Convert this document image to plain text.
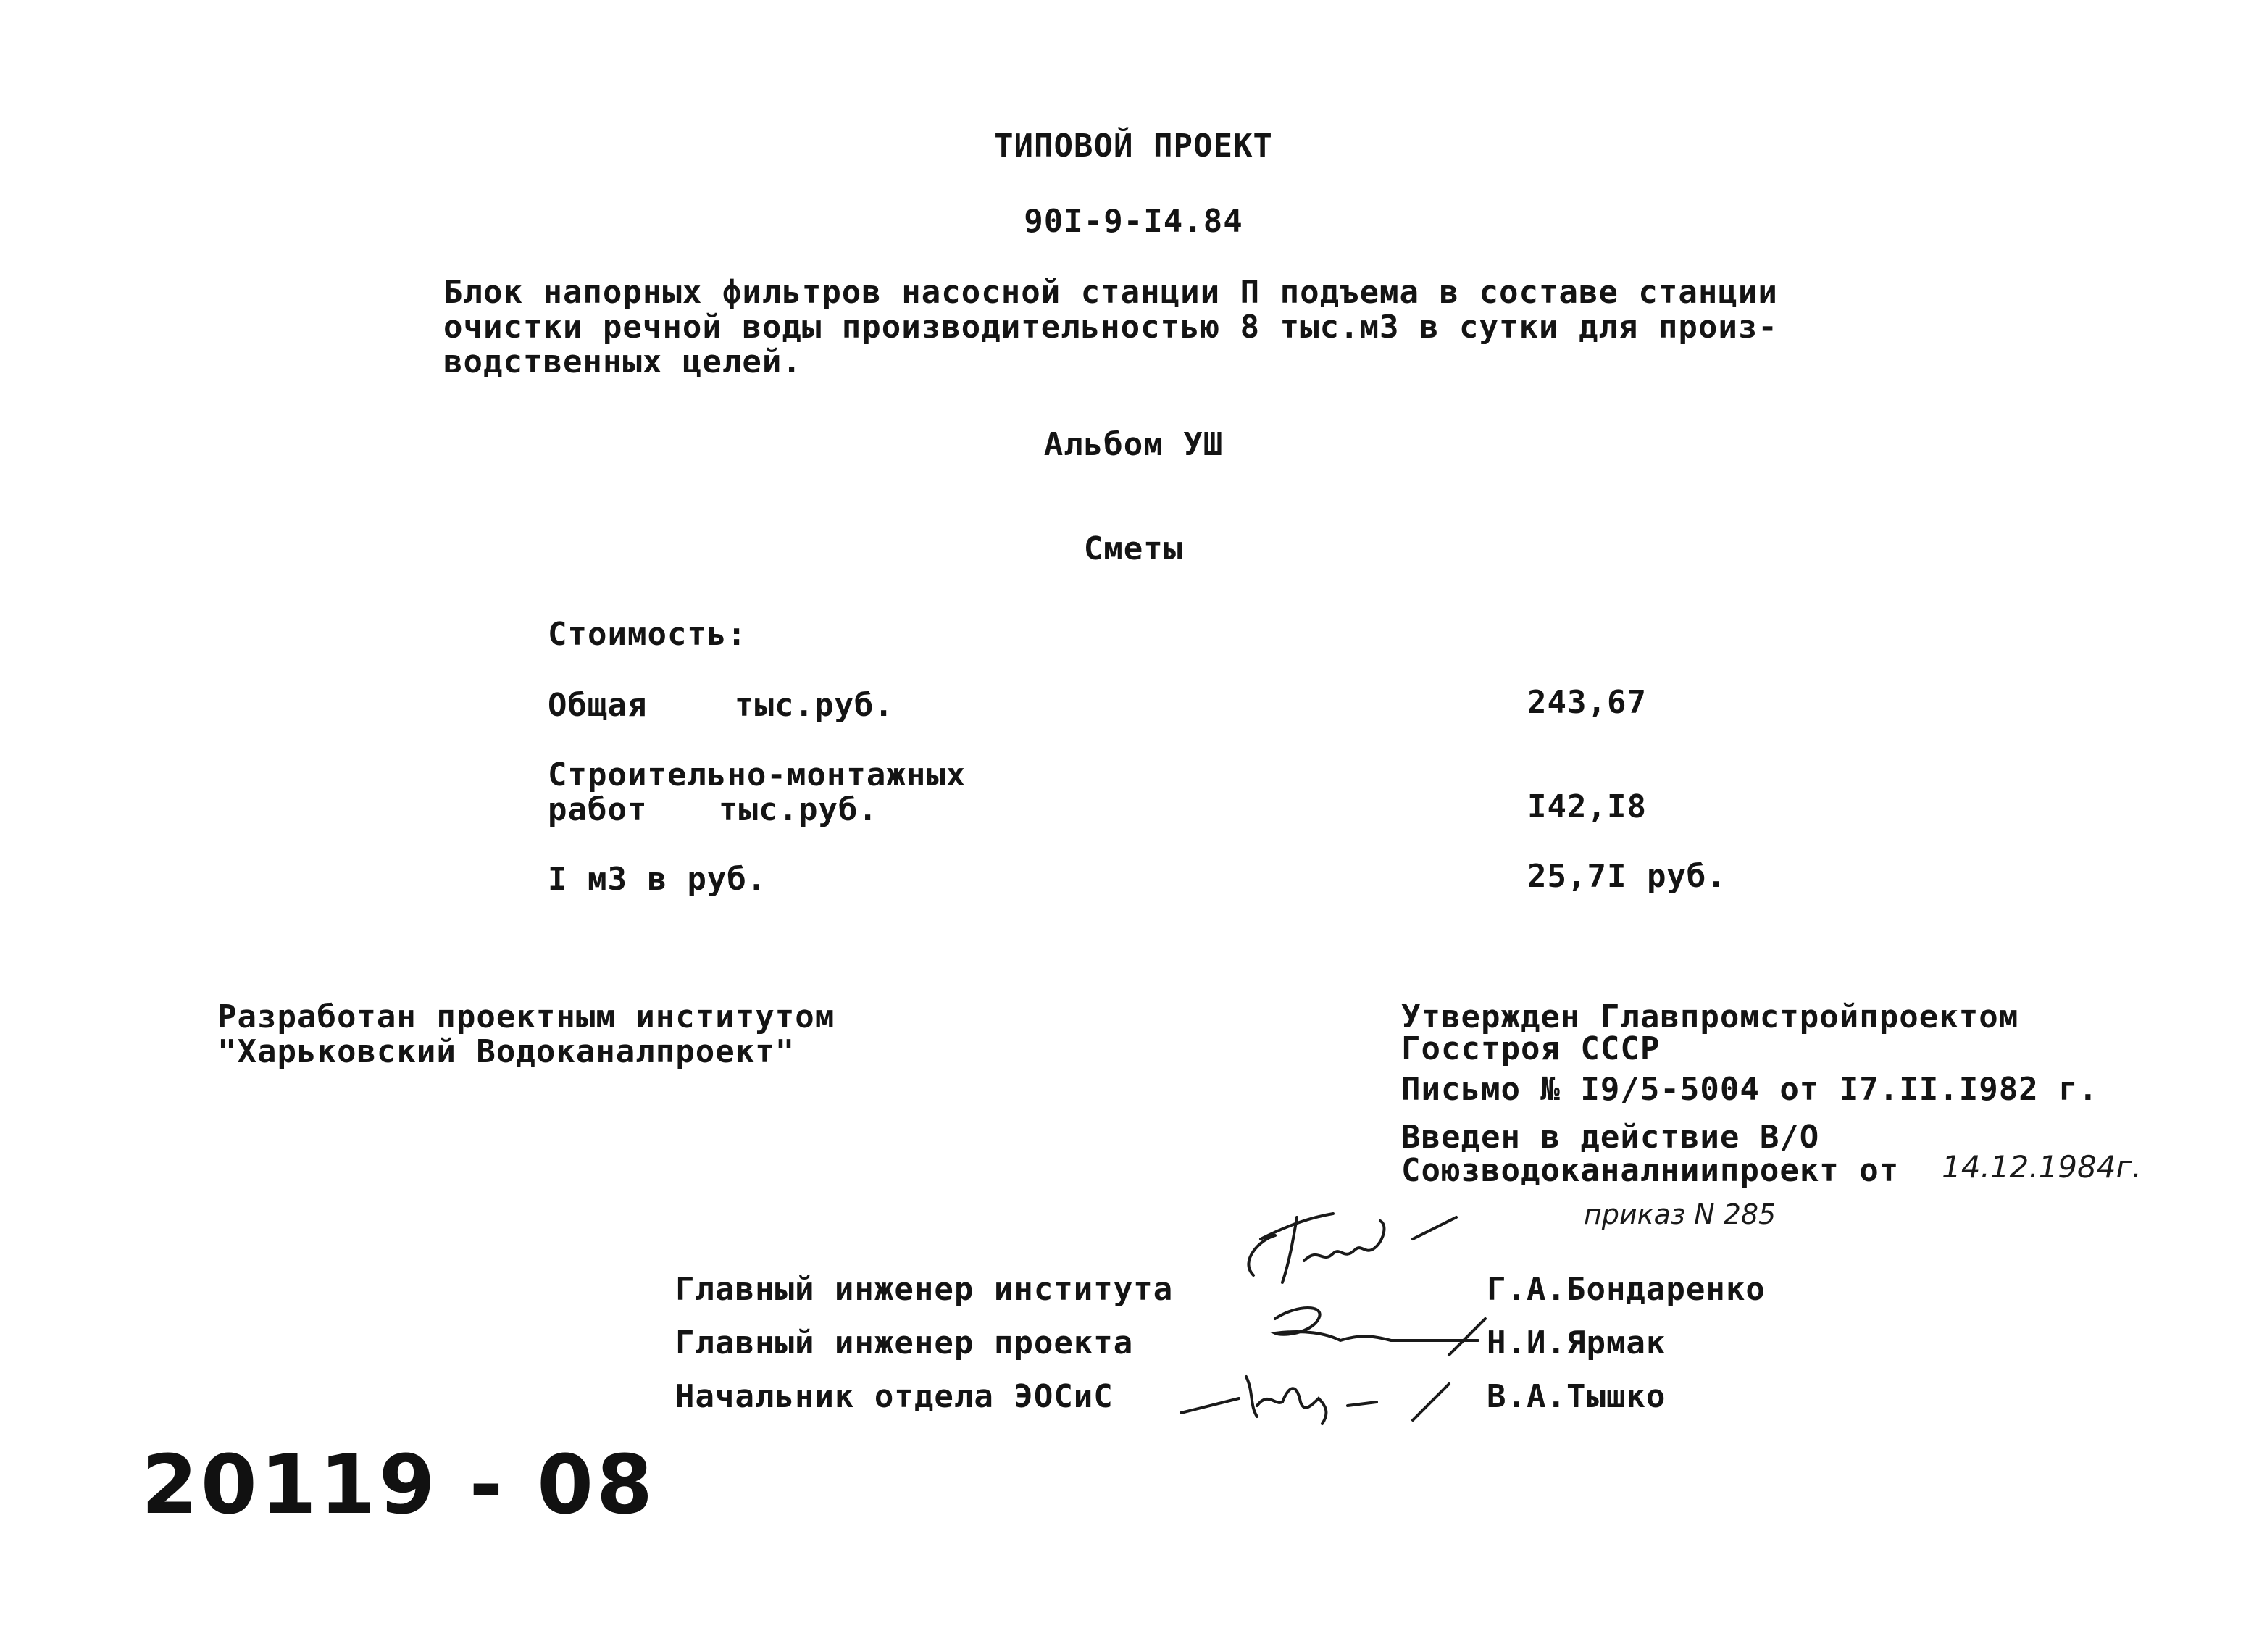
ТИПОВОЙ ПРОЕКТ
90I-9-I4.84
Блок напорных фильтров насосной станции П подъема в составе станции
очистки речной воды производительностью 8 тыс.м3 в сутки для произ-
водственных целей.
Альбом УШ
Сметы
Стоимость:
Общая	тыс.руб.	243,67
Строительно-монтажных
работ тыс.руб.	I42,I8
I м3 в руб.	25,7I руб.
Разработан проектным институтом
"Харьковский Водоканалпроект"
Утвержден Главпромстройпроектом
Госстроя СССР
Письмо № I9/5-5004 от I7.II.I982 г.
Введен в действие В/О
Союзводоканалниипроект от 14.12.1984г.
приказ N 285
Главный инженер института	Г.А.Бондаренко
Главный инженер проекта	Н.И.Ярмак
Начальник отдела ЭОСиС	В.А.Тышко
20119 - 08
